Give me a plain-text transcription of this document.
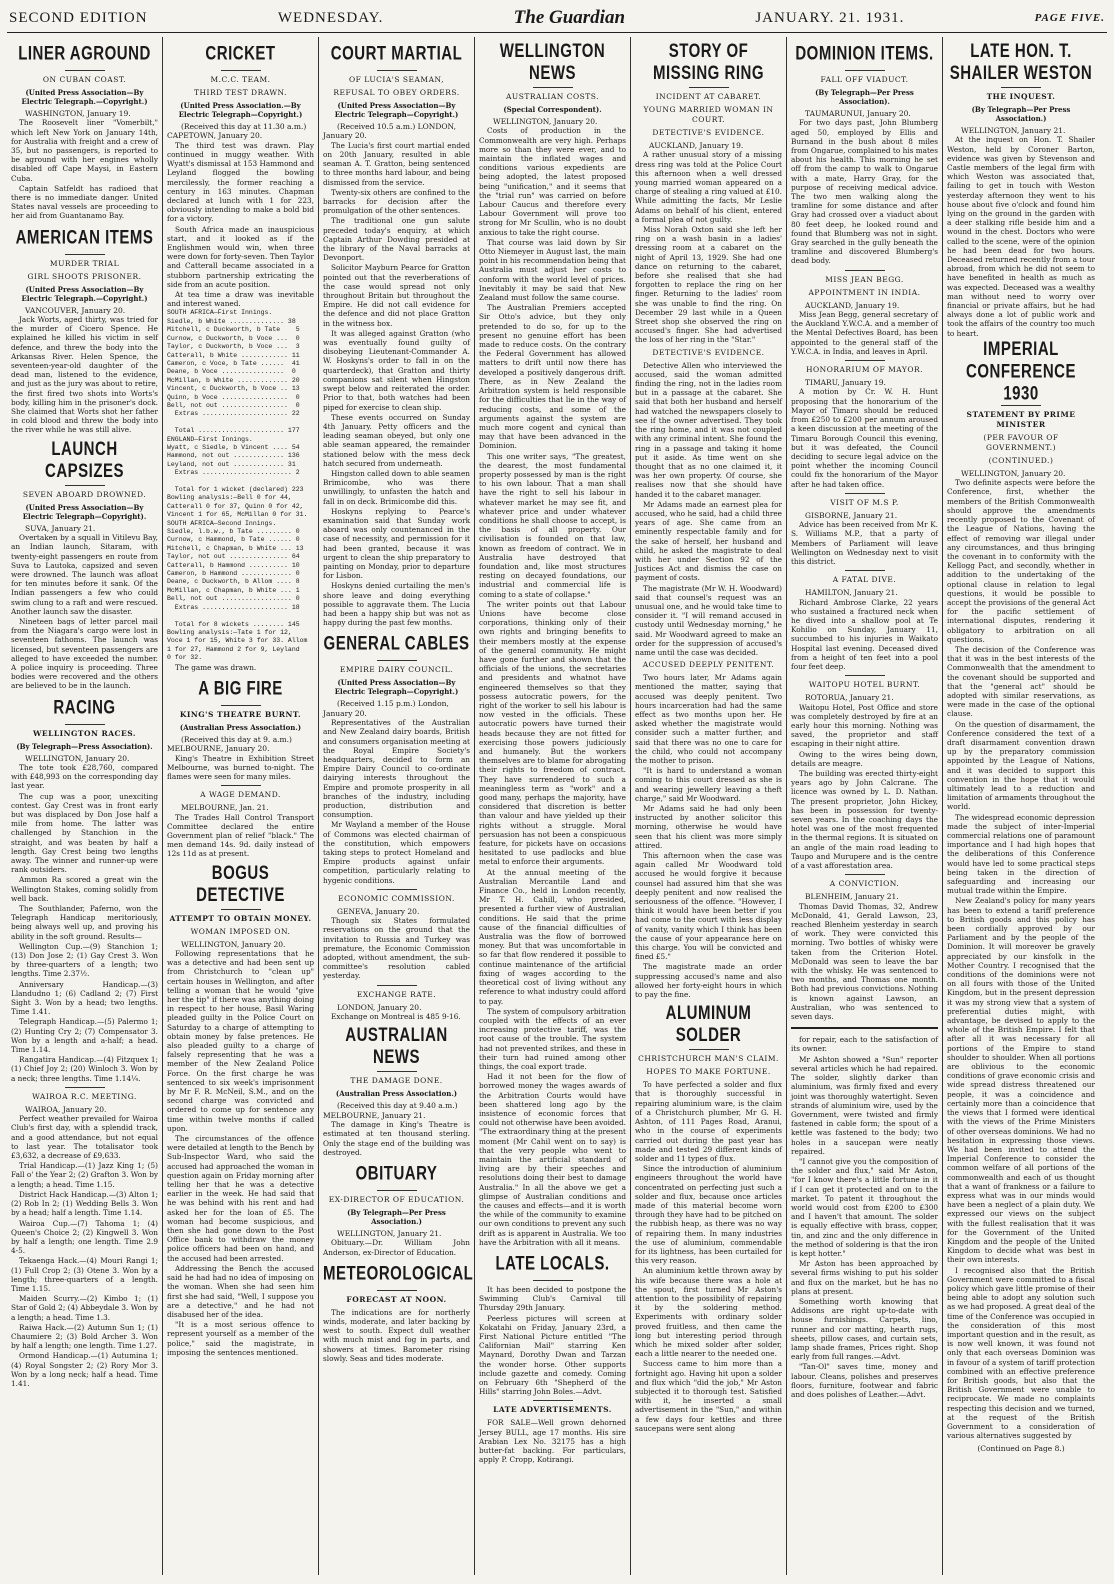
SECOND EDITION	WEDNESDAY.	The Guardian	JANUARY. 21. 1931.	PAGE FIVE.
LINER AGROUND
ON CUBAN COAST.
(United Press Association—By Electric Telegraph.—Copyright.)
WASHINGTON, January 19.

The Roosevelt liner "Vomerbilt," which left New York on January 14th, for Australia with freight and a crew of 35, but no passengers, is reported to be aground with her engines wholly disabled off Cape Maysi, in Eastern Cuba.

Captain Satfeldt has radioed that there is no immediate danger. United States naval vessels are proceeding to her aid from Guantanamo Bay.

AMERICAN ITEMS
MURDER TRIAL
GIRL SHOOTS PRISONER.
(United Press Association—By Electric Telegraph.—Copyright.)
VANCOUVER, January 20.

Jack Worts, aged thirty, was tried for the murder of Cicero Spence. He explained he killed his victim in self defence, and threw the body into the Arkansas River. Helen Spence, the seventeen-year-old daughter of the dead man, listened to the evidence, and just as the jury was about to retire, the first fired two shots into Worts's body, killing him in the prisoner's dock. She claimed that Worts shot her father in cold blood and threw the body into the river while he was still alive.

LAUNCH CAPSIZES
SEVEN ABOARD DROWNED.
(United Press Association—By Electric Telegraph—Copyright).
SUVA, January 21.

Overtaken by a squall in Vitilevu Bay, an Indian launch, Sitaram, with twenty-eight passengers en route from Suva to Lautoka, capsized and seven were drowned. The launch was afloat for ten minutes before it sank. Of the Indian passengers a few who could swim clung to a raft and were rescued. Another launch saw the disaster.

Nineteen bags of letter parcel mail from the Niagara's cargo were lost in seventeen fathoms. The launch was licensed, but seventeen passengers are alleged to have exceeded the number. A police inquiry is proceeding. Three bodies were recovered and the others are believed to be in the launch.

RACING
WELLINGTON RACES.
(By Telegraph—Press Association).
WELLINGTON, January 20.

The tote took £28,760, compared with £48,993 on the corresponding day last year.

The cup was a poor, unexciting contest. Gay Crest was in front early but was displaced by Don Jose half a mile from home. The latter was challenged by Stanchion in the straight, and was beaten by half a length. Gay Crest being two lengths away. The winner and runner-up were rank outsiders.

Ammon Ra scored a great win the Wellington Stakes, coming solidly from well back.

The Southlander, Paferno, won the Telegraph Handicap meritoriously, being always well up, and proving his ability in the soft ground. Results—

Wellington Cup.—(9) Stanchion 1; (13) Don Jose 2; (1) Gay Crest 3. Won by three-quarters of a length; two lengths. Time 2.37½.

Anniversary Handicap.—(3) Llandudno 1; (6) Cadland 2; (7) First Sight 3. Won by a head; two lengths. Time 1.41.

Telegraph Handicap.—(5) Palermo 1; (2) Hunting Cry 2; (7) Compensator 3. Won by a length and a-half; a head. Time 1.14.

Rangatira Handicap.—(4) Fitzquex 1; (1) Chief Joy 2; (20) Winloch 3. Won by a neck; three lengths. Time 1.14¼.

WAIROA R.C. MEETING.
WAIROA, January 20.

Perfect weather prevailed for Wairoa Club's first day, with a splendid track, and a good attendance, but not equal to last year. The totalisator took £3,632, a decrease of £9,633.

Trial Handicap.—(1) Jazz King 1; (5) Fall o' the Year 2; (2) Grafton 3. Won by a length; a head. Time 1.15.

District Hack Handicap.—(3) Alton 1; (2) Rob In 2; (1) Wedding Bells 3. Won by a head; half a length. Time 1.14.

Wairoa Cup.—(7) Tahoma 1; (4) Queen's Choice 2; (2) Kingwell 3. Won by half a length; one length. Time 2.9 4-5.

Tekaenga Hack.—(4) Mouri Rangi 1; (1) Full Crop 2; (3) Otene 3. Won by a length; three-quarters of a length. Time 1.15.

Maiden Scurry.—(2) Kimbo 1; (1) Star of Gold 2; (4) Abbeydale 3. Won by a length; a head. Time 1.3.

Raiwa Hack.—(2) Autumn Sun 1; (1) Chaumiere 2; (3) Bold Archer 3. Won by half a length; one length. Time 1.27.

Ormond Handicap.—(1) Autumina 1; (4) Royal Songster 2; (2) Rory Mor 3. Won by a long neck; half a head. Time 1.41.

CRICKET
M.C.C. TEAM.
THIRD TEST DRAWN.
(United Press Association.—By Electric Telegraph—Copyright.)
(Received this day at 11.30 a.m.) CAPETOWN, January 20.

The third test was drawn. Play continued in muggy weather. With Wyatt's dismissal at 153 Hammond and Leyland flogged the bowling mercilessly, the former reaching a century in 163 minutes. Chapman declared at lunch with 1 for 223, obviously intending to make a bold bid for a victory.

South Africa made an inauspicious start, and it looked as if the Englishmen would win, when three were down for forty-seven. Then Taylor and Catterall became associated in a stubborn partnership extricating the side from an acute position.

At tea time a draw was inevitable and interest waned.

SOUTH AFRICA—First Innings.
Siedle, b White .............. 38
Mitchell, c Duckworth, b Tate    5
Curnow, c Duckworth, b Voce ...  0
Taylor, c Duckworth, b Voce ...  3
Catterall, b White ............ 11
Cameron, c Voce, b Tate ......  41
Deane, b Voce ................  0
McMillan, b White ............. 20
Vincent, c Duckworth, b Voce .. 13
Quinn, b Voce .................  0
Bell, not out .................  0
Extras ...................... 22

Total ...................... 177
ENGLAND—First Innings.
Wyatt, c Siedle, b Vincent .... 54
Hammond, not out ............. 136
Leyland, not out ............. 31
Extras ....................... 2

Total for 1 wicket (declared) 223
Bowling analysis:—Bell 0 for 44,
Catterall 0 for 37, Quinn 0 for 42,
Vincent 1 for 65, McMillan 0 for 31.
SOUTH AFRICA—Second Innings.
Siedle, l.b.w., b Tate ......... 0
Curnow, c Hammond, b Tate ...... 0
Mitchell, c Chapman, b White ... 13
Taylor, not out ............... 64
Catterall, b Hammond .......... 10
Cameron, b Hammond ............. 0
Deane, c Duckworth, b Allom .... 8
McMillan, c Chapman, b White ... 1
Bell, not out .................. 0
Extras ...................... 18

Total for 8 wickets ........ 145
Bowling analysis:—Tate 1 for 12,
Voce 1 for 15, White 3 for 33. Allom
1 for 27, Hammond 2 for 9, Leyland
0 for 32.

The game was drawn.

A BIG FIRE
KING'S THEATRE BURNT.
(Australian Press Association.)
(Received this day at 9. a.m.) MELBOURNE, January 20.

King's Theatre in Exhibition Street Melbourne, was burned to-night. The flames were seen for many miles.

A WAGE DEMAND.
MELBOURNE, Jan. 21.

The Trades Hall Control Transport Committee declared the entire Government plan of relief "black." The men demand 14s. 9d. daily instead of 12s 11d as at present.

BOGUS DETECTIVE
ATTEMPT TO OBTAIN MONEY.
WOMAN IMPOSED ON.
WELLINGTON, January 20.

Following representations that he was a detective and had been sent up from Christchurch to "clean up" certain houses in Wellington, and after telling a woman that he would "give her the tip" if there was anything doing in respect to her house, Basil Waring pleaded guilty in the Police Court on Saturday to a charge of attempting to obtain money by false pretences. He also pleaded guilty to a charge of falsely representing that he was a member of the New Zealand Police Force. On the first charge he was sentenced to six week's imprisonment by Mr F. R. McNeil, S.M., and on the second charge was convicted and ordered to come up for sentence any time within twelve months if called upon.

The circumstances of the offence were detailed at length to the Bench by Sub-Inspector Ward, who said the accused had approached the woman in question again on Friday morning after telling her that he was a detective earlier in the week. He had said that he was behind with his rent and had asked her for the loan of £5. The woman had become suspicious, and then she had gone down to the Post Office bank to withdraw the money police officers had been on hand, and the accused had been arrested.

Addressing the Bench the accused said he had had no idea of imposing on the woman. When she had seen him first she had said, "Well, I suppose you are a detective," and he had not disabused her of the idea.

"It is a most serious offence to represent yourself as a member of the police," said the magistrate, in imposing the sentences mentioned.

COURT MARTIAL
OF LUCIA'S SEAMAN,
REFUSAL TO OBEY ORDERS.
(United Press Association—By Electric Telegraph—Copyright.)
(Received 10.5 a.m.) LONDON, January 20.

The Lucia's first court martial ended on 20th January, resulted in able seaman A. T. Gratton, being sentenced to three months hard labour, and being dismissed from the service.

Twenty-six others are confined to the barracks for decision after the promulgation of the other sentences.

The traditional one gun salute preceded today's enquiry, at which Captain Arthur Dowding presided at the library of the Naval barracks at Devonport.

Solicitor Mayburn Pearce for Gratton pointed out that the reverberations of the case would spread not only throughout Britain but throughout the Empire. He did not call evidence for the defence and did not place Gratton in the witness box.

It was alleged against Gratton (who was eventually found guilty of disobeying Lieutenant-Commander A. W. Hoskyns's order to fall in on the quarterdeck), that Gratton and thirty companions sat silent when Hingston swept below and reiterated the order. Prior to that, both watches had been piped for exercise to clean ship.

These events occurred on Sunday 4th January. Petty officers and the leading seaman obeyed, but only one able seaman appeared, the remainder stationed below with the mess deck hatch secured from underneath.

Hingston called down to able seamen Brimicombe, who was there unwillingly, to unfasten the hatch and fall in on deck. Brimicombe did this.

Hoskyns replying to Pearce's examination said that Sunday work aboard was only countenanced in the case of necessity, and permission for it had been granted, because it was urgent to clean the ship preparatory to painting on Monday, prior to departure for Lisbon.

Hoskyns denied curtailing the men's shore leave and doing everything possible to aggravate them. The Lucia had been a happy ship but was not as happy during the past few months.

GENERAL CABLES
EMPIRE DAIRY COUNCIL.
(United Press Association—By Electric Telegraph—Copyright.)
(Received 1.15 p.m.) London, January 20.

Representatives of the Australian and New Zealand dairy boards, British and consumers organisation meeting at the Royal Empire Society's headquarters, decided to form an Empire Dairy Council to co-ordinate dairying interests throughout the Empire and promote prosperity in all branches of the industry, including production, distribution and consumption.

Mr Wayland a member of the House of Commons was elected chairman of the constitution, which empowers taking steps to protect Homeland and Empire products against unfair competition, particularly relating to hygenic conditions.

ECONOMIC COMMISSION.
GENEVA, January 20.

Though six States formulated reservations on the ground that the invitation to Russia and Turkey was premature, the Economic Commission adopted, without amendment, the sub-committee's resolution cabled yesterday.

EXCHANGE RATE.
LONDON, January 20.

Exchange on Montreal is 485 9-16.

AUSTRALIAN NEWS
THE DAMAGE DONE.
(Australian Press Association.)
(Received this day at 9.40 a.m.) MELBOURNE, January 21.

The damage in King's Theatre is estimated at ten thousand sterling. Only the stage end of the building was destroyed.

OBITUARY
EX-DIRECTOR OF EDUCATION.
(By Telegraph—Per Press Association.)
WELLINGTON, January 21.

Obituary.—Dr. William John Anderson, ex-Director of Education.

METEOROLOGICAL
FORECAST AT NOON.

The indications are for northerly winds, moderate, and later backing by west to south. Expect dull weather with much mist and fog in parts, and showers at times. Barometer rising slowly. Seas and tides moderate.

WELLINGTON NEWS
AUSTRALIAN COSTS.
(Special Correspondent).
WELLINGTON, January 20.

Costs of production in the Commonwealth are very high. Perhaps more so than they were ever, and to maintain the inflated wages and conditions various expedients are being adopted, the latest proposed being "unification," and it seems that the "trial run" was carried on before Labour Caucus and therefore every Labour Government will prove too strong for Mr Scullin, who is no doubt anxious to take the right course.

That course was laid down by Sir Otto Niemeyer in August last, the main point in his recommendation being that Australia must adjust her costs to conform with the world level of prices. Inevitably it may be said that New Zealand must follow the same course.

The Australian Premiers accepted Sir Otto's advice, but they only pretended to do so, for up to the present no genuine effort has been made to reduce costs. On the contrary the Federal Government has allowed matters to drift until now there has developed a positively dangerous drift. There, as in New Zealand the Arbitration system is held responsible for the difficulties that lie in the way of reducing costs, and some of the arguments against the system are much more cogent and cynical than may that have been advanced in the Dominion.

This one writer says, "The greatest, the dearest, the most fundamental property possessed by man is the right to his own labour. That a man shall have the right to sell his labour in whatever market he may see fit, and whatever price and under whatever conditions he shall choose to accept, is the basis of all property. Our civilisation is founded on that law, known as freedom of contract. We in Australia have destroyed that foundation and, like most structures resting on decayed foundations, our industrial and commercial life is coming to a state of collapse."

The writer points out that Labour Unions have become close corporations, thinking only of their own rights and bringing benefits to their members mostly at the expense of the general community. He might have gone further and shown that the officials of the unions, the secretaries and presidents and whatnot have engineered themselves so that they possess autocratic powers, for the right of the worker to sell his labour is now vested in the officials. These autocratic powers have turned their heads because they are not fitted for exercising those powers judiciously and humanely. But the workers themselves are to blame for abrogating their rights to freedom of contract. They have surrendered to such a meaningless term as "work" and a good many, perhaps the majority, have considered that discretion is better than valour and have yielded up their rights without a struggle. Moral persuasion has not been a conspicuous feature, for pickets have on occasions hesitated to use padlocks and blue metal to enforce their arguments.

At the annual meeting of the Australian Mercantile Land and Finance Co., held in London recently, Mr T. H. Cahill, who presided, presented a further view of Australian conditions. He said that the prime cause of the financial difficulties of Australia was the flow of borrowed money. But that was uncomfortable in so far that flow rendered it possible to continue maintenance of the artificial fixing of wages according to the theoretical cost of living without any reference to what industry could afford to pay.

The system of compulsory arbitration coupled with the effects of an ever increasing protective tariff, was the root cause of the trouble. The system had not prevented strikes, and these in their turn had ruined among other things, the coal export trade.

Had it not been for the flow of borrowed money the wages awards of the Arbitration Courts would have been shattered long ago by the insistence of economic forces that could not otherwise have been avoided. "The extraordinary thing at the present moment (Mr Cahil went on to say) is that the very people who went to maintain the artificial standard of living are by their speeches and resolutions doing their best to damage Australia." In all the above we get a glimpse of Australian conditions and the causes and effects—and it is worth the while of the community to examine our own conditions to prevent any such drift as is apparent in Australia. We too have the Arbitration with all it means.

LATE LOCALS.

It has been decided to postpone the Swimming Club's Carnival till Thursday 29th January.

Peerless pictures will screen at Kokatahi on Friday, January 23rd, a First National Picture entitled "The Californian Mail" starring Ken Maynard, Dorothy Dwan and Tarzan the wonder horse. Other supports include gazette and comedy. Coming on February 6th "Shepherd of the Hills" starring John Boles.—Advt.

LATE ADVERTISEMENTS.

FOR SALE—Well grown dehorned Jersey BULL, age 17 months. His sire Arabian Lex No. 32175 has a high butter-fat backing. For particulars, apply P. Cropp, Kotirangi.

STORY OF MISSING RING
INCIDENT AT CABARET.
YOUNG MARRIED WOMAN IN COURT.
DETECTIVE'S EVIDENCE.
AUCKLAND, January 19.

A rather unusual story of a missing dress ring was told at the Police Court this afternoon when a well dressed young married woman appeared on a charge of stealing a ring valued at £10. While admitting the facts, Mr Leslie Adams on behalf of his client, entered a formal plea of not guilty.

Miss Norah Oxton said she left her ring on a wash basin in a ladies' dressing room at a cabaret on the night of April 13, 1929. She had one dance on returning to the cabaret, before she realised that she had forgotten to replace the ring on her finger. Returning to the ladies' room she was unable to find the ring. On December 29 last while in a Queen Street shop she observed the ring on accused's finger. She had advertised the loss of her ring in the "Star."

DETECTIVE'S EVIDENCE.

Detective Allen who interviewed the accused, said the woman admitted finding the ring, not in the ladies room but in a passage at the cabaret. She said that both her husband and herself had watched the newspapers closely to see if the owner advertised. They took the ring home, and it was not coupled with any criminal intent. She found the ring in a passage and taking it home put it aside. As time went on she thought that as no one claimed it, it was her own property. Of course, she realises now that she should have handed it to the cabaret manager.

Mr Adams made an earnest plea for accused, who he said, had a child three years of age. She came from an eminently respectable family and for the sake of herself, her husband and child, he asked the magistrate to deal with her under Section 92 of the Justices Act and dismiss the case on payment of costs.

The magistrate (Mr W. H. Woodward) said that counsel's request was an unusual one, and he would take time to consider it. "I will remand accused in custody until Wednesday morning," he said. Mr Woodward agreed to make an order for the suppression of accused's name until the case was decided.

ACCUSED DEEPLY PENITENT.

Two hours later, Mr Adams again mentioned the matter, saying that accused was deeply penitent. Two hours incarceration had had the same effect as two months upon her. He asked whether the magistrate would consider such a matter further, and said that there was no one to care for the child, who could not accompany the mother to prison.

"It is hard to understand a woman coming to this court dressed as she is and wearing jewellery leaving a theft charge," said Mr Woodward.

Mr Adams said he had only been instructed by another solicitor this morning, otherwise he would have seen that his client was more simply attired.

This afternoon when the case was again called Mr Woodward told accused he would forgive it because counsel had assured him that she was deeply penitent and now realised the seriousness of the offence. "However, I think it would have been better if you had come to the court with less display of vanity, vanity which I think has been the cause of your appearance here on this charge. You will be convicted and fined £5."

The magistrate made an order suppressing accused's name and also allowed her forty-eight hours in which to pay the fine.

ALUMINUM SOLDER
CHRISTCHURCH MAN'S CLAIM.
HOPES TO MAKE FORTUNE.

To have perfected a solder and flux that is thoroughly successful in repairing aluminium ware, is the claim of a Christchurch plumber, Mr G. H. Ashton, of 111 Pages Road, Aranui, who in the course of experiments carried out during the past year has made and tested 29 different kinds of solder and 11 types of flux.

Since the introduction of aluminium engineers throughout the world have concentrated on perfecting just such a solder and flux, because once articles made of this material become worn through they have had to be pitched on the rubbish heap, as there was no way of repairing them. In many industries the use of aluminium, commendable for its lightness, has been curtailed for this very reason.

An aluminium kettle thrown away by his wife because there was a hole at the spout, first turned Mr Aston's attention to the possibility of repairing it by the soldering method. Experiments with ordinary solder proved fruitless, and then came the long but interesting period through which he mixed solder after solder, each a little nearer to the needed one.

Success came to him more than a fortnight ago. Having hit upon a solder and flux which "did the job," Mr Aston subjected it to thorough test. Satisfied with it, he inserted a small advertisement in the "Sun," and within a few days four kettles and three saucepans were sent along

DOMINION ITEMS.
FALL OFF VIADUCT.
(By Telegraph—Per Press Association).
TAUMARUNUI, January 20.

For two days past, John Blumberg aged 50, employed by Ellis and Burnand in the bush about 8 miles from Ongarue, complained to his mates about his health. This morning he set off from the camp to walk to Ongarue with a mate, Harry Gray, for the purpose of receiving medical advice. The two men walking along the tramline for some distance and after Gray had crossed over a viaduct about 80 feet deep, he looked round and found that Blumberg was not in sight. Gray searched in the gully beneath the tramline and discovered Blumberg's dead body.

MISS JEAN BEGG.
APPOINTMENT IN INDIA.
AUCKLAND, January 19.

Miss Jean Begg, general secretary of the Auckland Y.W.C.A. and a member of the Mental Defectives Board, has been appointed to the general staff of the Y.W.C.A. in India, and leaves in April.

HONORARIUM OF MAYOR.
TIMARU, January 19.

A motion by Cr. W. H. Hunt proposing that the honorarium of the Mayor of Timaru should be reduced from £250 to £200 per annum aroused a keen discussion at the meeting of the Timaru Borough Council this evening, but it was defeated, the Council deciding to secure legal advice on the point whether the incoming Council could fix the honorarium of the Mayor after he had taken office.

VISIT OF M.S P.
GISBORNE, January 21.

Advice has been received from Mr K. S. Williams M.P., that a party of Members of Parliament will leave Wellington on Wednesday next to visit this district.

A FATAL DIVE.
HAMILTON, January 21.

Richard Ambrose Clarke, 22 years who sustained a fractured neck when he dived into a shallow pool at Te Kohilio on Sunday, January 11, succumbed to his injuries in Waikato Hospital last evening. Deceased dived from a height of ten feet into a pool four feet deep.

WAITOPU HOTEL BURNT.
ROTORUA, January 21.

Waitopu Hotel, Post Office and store was completely destroyed by fire at an early hour this morning. Nothing was saved, the proprietor and staff escaping in their night attire.

Owing to the wires being down, details are meagre.

The building was erected thirty-eight years ago by John Calcrane. The licence was owned by L. D. Nathan. The present proprietor, John Hickey, has been in possession for twenty-seven years. In the coaching days the hotel was one of the most frequented in the thermal regions. It is situated on an angle of the main road leading to Taupo and Murupere and is the centre of a vast afforestation area.

A CONVICTION.
BLENHEIM, January 21.

Thomas David Thomas, 32, Andrew McDonald, 41, Gerald Lawson, 23, reached Blenheim yesterday in search of work. They were convicted this morning. Two bottles of whisky were taken from the Criterion Hotel. McDonald was seen to leave the bar with the whisky. He was sentenced to two months, and Thomas one month. Both had previous convictions. Nothing is known against Lawson, an Australian, who was sentenced to seven days.

for repair, each to the satisfaction of its owner.

Mr Ashton showed a "Sun" reporter several articles which he had repaired. The solder, slightly darker than aluminium, was firmly fixed and every joint was thoroughly watertight. Seven strands of aluminium wire, used by the Government, were twisted and firmly fastened in cable form; the spout of a kettle was fastened to the body; two holes in a saucepan were neatly repaired.

"I cannot give you the composition of the solder and flux," said Mr Aston, "for I know there's a little fortune in it if I can get it protected and on to the market. To patent it throughout the world would cost from £200 to £300 and I haven't that amount. The solder is equally effective with brass, copper, tin, and zinc and the only difference in the method of soldering is that the iron is kept hotter."

Mr Aston has been approached by several firms wishing to put his solder and flux on the market, but he has no plans at present.

Something worth knowing that Addisons are right up-to-date with house furnishings. Carpets, lino, runner and cor matting, hearth rugs, sheets, pillow cases, and curtain sets, lamp shade frames, Prices right. Shop early from full ranges.—Advt.

"Tan-Ol" saves time, money and labour. Cleans, polishes and preserves floors, furniture, footwear and fabric and does polishes of Leather.—Advt.

LATE HON. T. SHAILER WESTON
THE INQUEST.
(By Telegraph—Per Press Association.)
WELLINGTON, January 21.

At the inquest on Hon. T. Shailer Weston, held by Coroner Barton, evidence was given by Stevenson and Castle members of the legal firm with which Weston was associated that, failing to get in touch with Weston yesterday afternoon they went to his house about five o'clock and found him lying on the ground in the garden with a deer stalking rifle beside him and a wound in the chest. Doctors who were called to the scene, were of the opinion he had been dead for two hours. Deceased returned recently from a tour abroad, from which he did not seem to have benefited in health as much as was expected. Deceased was a wealthy man without need to worry over financial or private affairs, but he had always done a lot of public work and took the affairs of the country too much to heart.

IMPERIAL CONFERENCE 1930
STATEMENT BY PRIME MINISTER
(PER FAVOUR OF GOVERNMENT.)
(CONTINUED.)
WELLINGTON, January 20.

Two definite aspects were before the Conference, first, whether the members of the British Commonwealth should approve the amendments recently proposed to the Covenant of the League of Nations, having the effect of removing war illegal under any circumstances, and thus bringing the covenant in to conformity with the Kellogg Pact, and secondly, whether in addition to the undertaking of the optional clause in relation to legal questions, it would be possible to accept the provisions of the general Act for the pacific settlement of international disputes, rendering it obligatory to arbitration on all questions.

The decision of the Conference was that it was in the best interests of the Commonwealth that the amendment to the covenant should be supported and that the "general act" should be adopted with similar reservations, as were made in the case of the optional clause.

On the question of disarmament, the Conference considered the text of a draft disarmament convention drawn up by the preparatory commission appointed by the League of Nations, and it was decided to support this convention in the hope that it would ultimately lead to a reduction and limitation of armaments throughout the world.

The widespread economic depression made the subject of inter-Imperial commercial relations one of paramount importance and I had high hopes that the deliberations of this Conference would have led to some practical steps being taken in the direction of safeguarding and increasing our mutual trade within the Empire.

New Zealand's policy for many years has been to extend a tariff preference to British goods and this policy has been cordially approved by our Parliament and by the people of the Dominion. It will moreover be gravely appreciated by our kinsfolk in the Mother Country. I recognised that the conditions of the dominions were not on all fours with those of the United Kingdom, but in the present depression it was my strong view that a system of preferential duties might, with advantage, be devised to apply to the whole of the British Empire. I felt that after all it was necessary for all portions of the Empire to stand shoulder to shoulder. When all portions are oblivious to the economic conditions of grave economic crisis and wide spread distress threatened our people, it was a coincidence and certainly more than a coincidence that the views that I formed were identical with the views of the Prime Ministers of other overseas dominions. We had no hesitation in expressing those views. We had been invited to attend the Imperial Conference to consider the common welfare of all portions of the commonwealth and each of us thought that a want of frankness or a failure to express what was in our minds would have been a neglect of a plain duty. We expressed our views on the subject with the fullest realisation that it was for the Government of the United Kingdom and the people of the United Kingdom to decide what was best in their own interests.

I recognised also that the British Government were committed to a fiscal policy which gave little promise of their being able to adopt any solution such as we had proposed. A great deal of the time of the Conference was occupied in the consideration of this most important question and in the result, as is now well known, it was found not only that each overseas Dominion was in favour of a system of tariff protection combined with an effective preference for British goods, but also that the British Government were unable to reciprocate. We made no complaints respecting this decision and we turned, at the request of the British Government to a consideration of various alternatives suggested by

(Continued on Page 8.)
